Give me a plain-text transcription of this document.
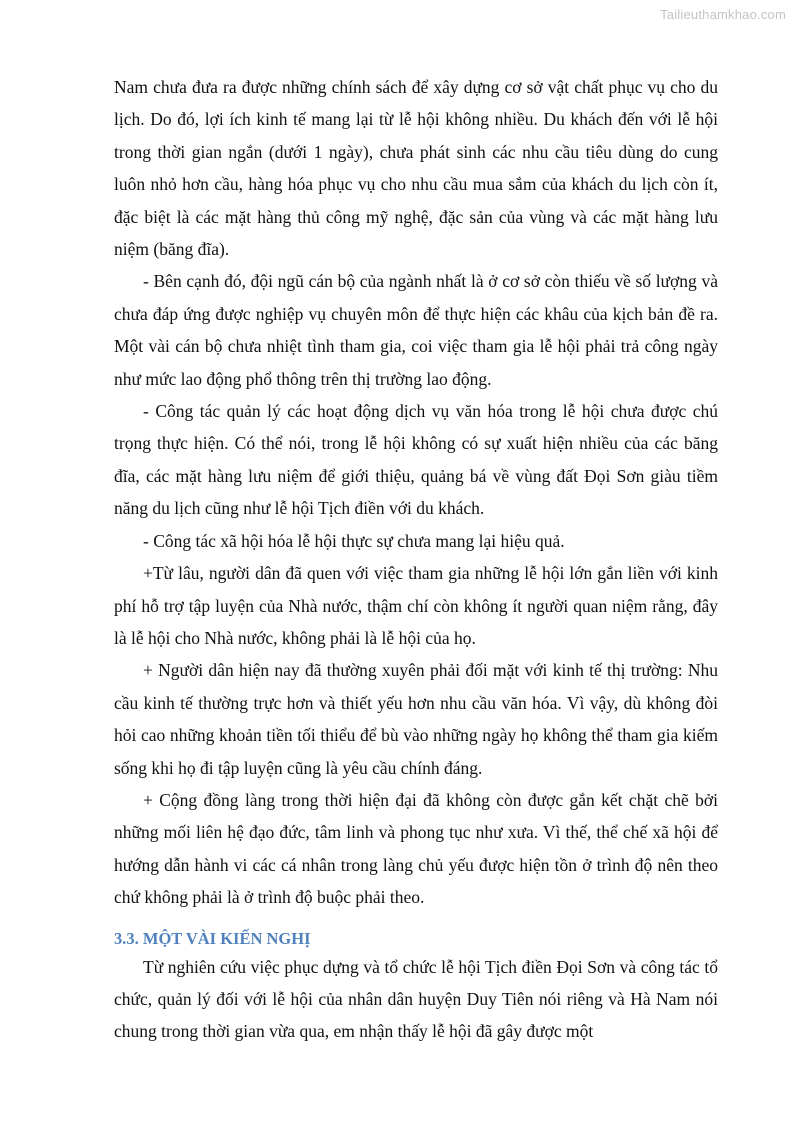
Tailieuthamkhao.com

Nam chưa đưa ra được những chính sách để xây dựng cơ sở vật chất phục vụ cho du lịch. Do đó, lợi ích kinh tế mang lại từ lễ hội không nhiều. Du khách đến với lễ hội trong thời gian ngắn (dưới 1 ngày), chưa phát sinh các nhu cầu tiêu dùng do cung luôn nhỏ hơn cầu, hàng hóa phục vụ cho nhu cầu mua sắm của khách du lịch còn ít, đặc biệt là các mặt hàng thủ công mỹ nghệ, đặc sản của vùng và các mặt hàng lưu niệm (băng đĩa).

- Bên cạnh đó, đội ngũ cán bộ của ngành nhất là ở cơ sở còn thiếu về số lượng và chưa đáp ứng được nghiệp vụ chuyên môn để thực hiện các khâu của kịch bản đề ra. Một vài cán bộ chưa nhiệt tình tham gia, coi việc tham gia lễ hội phải trả công ngày như mức lao động phổ thông trên thị trường lao động.

- Công tác quản lý các hoạt động dịch vụ văn hóa trong lễ hội chưa được chú trọng thực hiện. Có thể nói, trong lễ hội không có sự xuất hiện nhiều của các băng đĩa, các mặt hàng lưu niệm để giới thiệu, quảng bá về vùng đất Đọi Sơn giàu tiềm năng du lịch cũng như lễ hội Tịch điền với du khách.

- Công tác xã hội hóa lễ hội thực sự chưa mang lại hiệu quả.

+Từ lâu, người dân đã quen với việc tham gia những lễ hội lớn gắn liền với kinh phí hỗ trợ tập luyện của Nhà nước, thậm chí còn không ít người quan niệm rằng, đây là lễ hội cho Nhà nước, không phải là lễ hội của họ.

+ Người dân hiện nay đã thường xuyên phải đối mặt với kinh tế thị trường: Nhu cầu kinh tế thường trực hơn và thiết yếu hơn nhu cầu văn hóa. Vì vậy, dù không đòi hỏi cao những khoản tiền tối thiểu để bù vào những ngày họ không thể tham gia kiếm sống khi họ đi tập luyện cũng là yêu cầu chính đáng.

+ Cộng đồng làng trong thời hiện đại đã không còn được gắn kết chặt chẽ bởi những mối liên hệ đạo đức, tâm linh và phong tục như xưa. Vì thế, thể chế xã hội để hướng dẫn hành vi các cá nhân trong làng chủ yếu được hiện tồn ở trình độ nên theo chứ không phải là ở trình độ buộc phải theo.

3.3. MỘT VÀI KIẾN NGHỊ

Từ nghiên cứu việc phục dựng và tổ chức lễ hội Tịch điền Đọi Sơn và công tác tổ chức, quản lý đối với lễ hội của nhân dân huyện Duy Tiên nói riêng và Hà Nam nói chung trong thời gian vừa qua, em nhận thấy lễ hội đã gây được một
